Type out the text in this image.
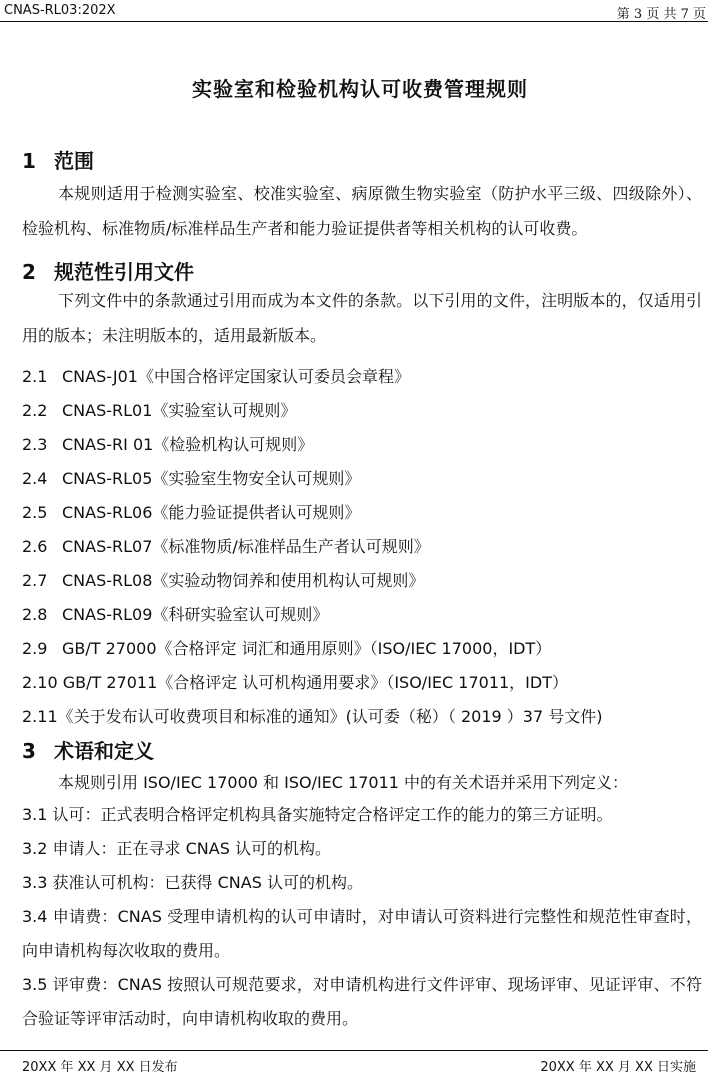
CNAS-RL03:202X	第 3 页 共 7 页
实验室和检验机构认可收费管理规则
1 范围
本规则适用于检测实验室、校准实验室、病原微生物实验室（防护水平三级、四级除外）、检验机构、标准物质/标准样品生产者和能力验证提供者等相关机构的认可收费。
2 规范性引用文件
下列文件中的条款通过引用而成为本文件的条款。以下引用的文件，注明版本的，仅适用引用的版本；未注明版本的，适用最新版本。
2.1 CNAS-J01《中国合格评定国家认可委员会章程》
2.2 CNAS-RL01《实验室认可规则》
2.3 CNAS-RI 01《检验机构认可规则》
2.4 CNAS-RL05《实验室生物安全认可规则》
2.5 CNAS-RL06《能力验证提供者认可规则》
2.6 CNAS-RL07《标准物质/标准样品生产者认可规则》
2.7 CNAS-RL08《实验动物饲养和使用机构认可规则》
2.8 CNAS-RL09《科研实验室认可规则》
2.9 GB/T 27000《合格评定 词汇和通用原则》（ISO/IEC 17000，IDT）
2.10 GB/T 27011《合格评定 认可机构通用要求》（ISO/IEC 17011，IDT）
2.11《关于发布认可收费项目和标准的通知》(认可委（秘）（ 2019 ）37 号文件)
3 术语和定义
本规则引用 ISO/IEC 17000 和 ISO/IEC 17011 中的有关术语并采用下列定义：
3.1 认可：正式表明合格评定机构具备实施特定合格评定工作的能力的第三方证明。
3.2 申请人：正在寻求 CNAS 认可的机构。
3.3 获准认可机构：已获得 CNAS 认可的机构。
3.4 申请费：CNAS 受理申请机构的认可申请时，对申请认可资料进行完整性和规范性审查时，向申请机构每次收取的费用。
3.5 评审费：CNAS 按照认可规范要求，对申请机构进行文件评审、现场评审、见证评审、不符合验证等评审活动时，向申请机构收取的费用。
20XX 年 XX 月 XX 日发布	20XX 年 XX 月 XX 日实施
